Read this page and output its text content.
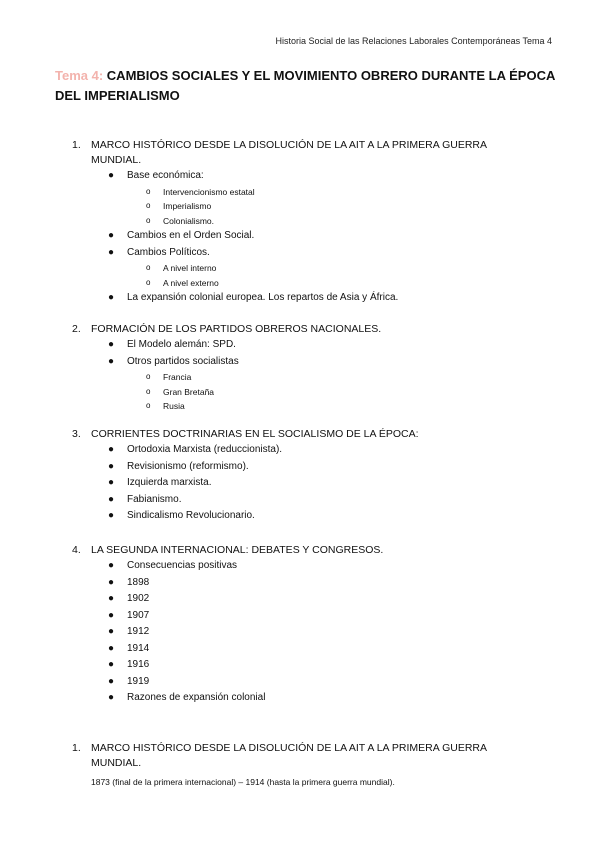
Historia Social de las Relaciones Laborales Contemporáneas Tema 4
Tema 4: CAMBIOS SOCIALES Y EL MOVIMIENTO OBRERO DURANTE LA ÉPOCA DEL IMPERIALISMO
1. MARCO HISTÓRICO DESDE LA DISOLUCIÓN DE LA AIT A LA PRIMERA GUERRA MUNDIAL.
● Base económica:
o Intervencionismo estatal
o Imperialismo
o Colonialismo.
● Cambios en el Orden Social.
● Cambios Políticos.
o A nivel interno
o A nivel externo
● La expansión colonial europea. Los repartos de Asia y África.
2. FORMACIÓN DE LOS PARTIDOS OBREROS NACIONALES.
● El Modelo alemán: SPD.
● Otros partidos socialistas
o Francia
o Gran Bretaña
o Rusia
3. CORRIENTES DOCTRINARIAS EN EL SOCIALISMO DE LA ÉPOCA:
● Ortodoxia Marxista (reduccionista).
● Revisionismo (reformismo).
● Izquierda marxista.
● Fabianismo.
● Sindicalismo Revolucionario.
4. LA SEGUNDA INTERNACIONAL: DEBATES Y CONGRESOS.
● Consecuencias positivas
● 1898
● 1902
● 1907
● 1912
● 1914
● 1916
● 1919
● Razones de expansión colonial
1. MARCO HISTÓRICO DESDE LA DISOLUCIÓN DE LA AIT A LA PRIMERA GUERRA MUNDIAL.
1873 (final de la primera internacional) – 1914 (hasta la primera guerra mundial).
